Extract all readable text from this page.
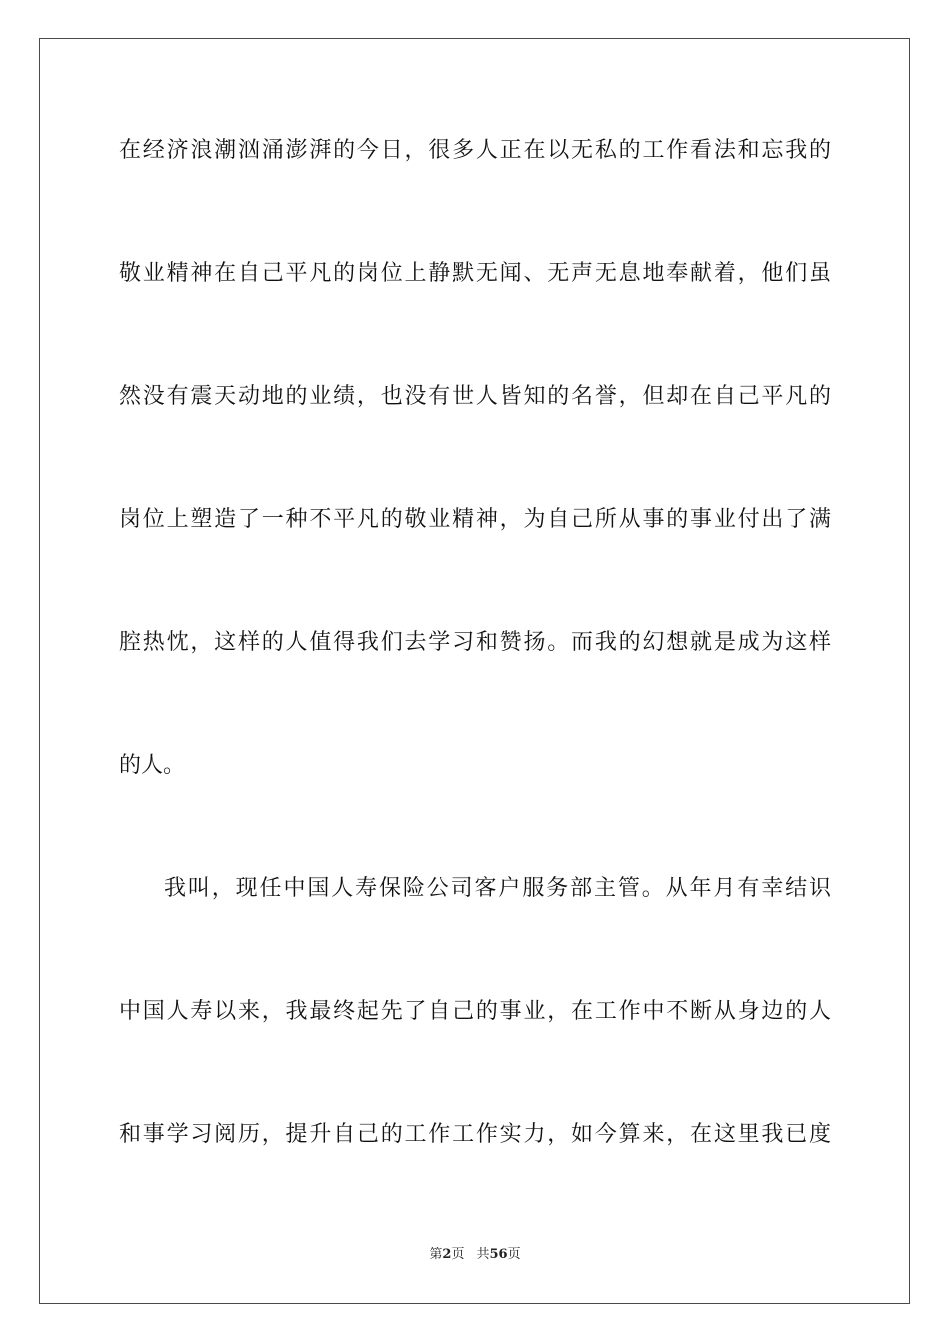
在经济浪潮汹涌澎湃的今日，很多人正在以无私的工作看法和忘我的
敬业精神在自己平凡的岗位上静默无闻、无声无息地奉献着，他们虽
然没有震天动地的业绩，也没有世人皆知的名誉，但却在自己平凡的
岗位上塑造了一种不平凡的敬业精神，为自己所从事的事业付出了满
腔热忱，这样的人值得我们去学习和赞扬。而我的幻想就是成为这样
的人。
我叫，现任中国人寿保险公司客户服务部主管。从年月有幸结识
中国人寿以来，我最终起先了自己的事业，在工作中不断从身边的人
和事学习阅历，提升自己的工作工作实力，如今算来，在这里我已度
第2页 共56页
